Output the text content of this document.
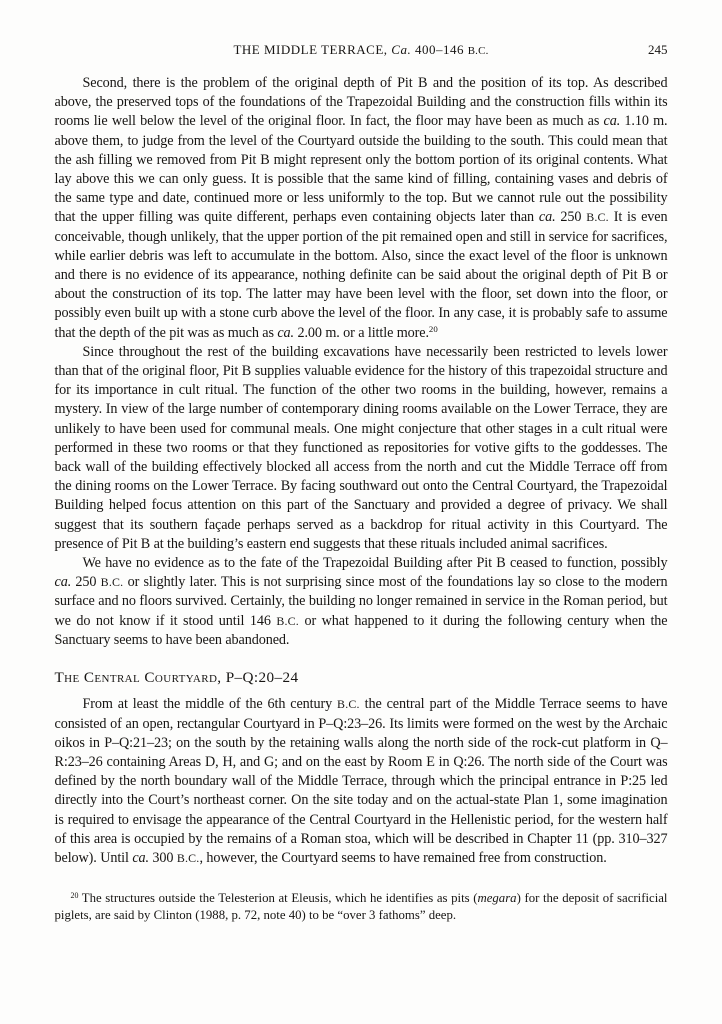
THE MIDDLE TERRACE, Ca. 400–146 B.C.	245

Second, there is the problem of the original depth of Pit B and the position of its top. As described above, the preserved tops of the foundations of the Trapezoidal Building and the construction fills within its rooms lie well below the level of the original floor. In fact, the floor may have been as much as ca. 1.10 m. above them, to judge from the level of the Courtyard outside the building to the south. This could mean that the ash filling we removed from Pit B might represent only the bottom portion of its original contents. What lay above this we can only guess. It is possible that the same kind of filling, containing vases and debris of the same type and date, continued more or less uniformly to the top. But we cannot rule out the possibility that the upper filling was quite different, perhaps even containing objects later than ca. 250 B.C. It is even conceivable, though unlikely, that the upper portion of the pit remained open and still in service for sacrifices, while earlier debris was left to accumulate in the bottom. Also, since the exact level of the floor is unknown and there is no evidence of its appearance, nothing definite can be said about the original depth of Pit B or about the construction of its top. The latter may have been level with the floor, set down into the floor, or possibly even built up with a stone curb above the level of the floor. In any case, it is probably safe to assume that the depth of the pit was as much as ca. 2.00 m. or a little more.$^{20}$

Since throughout the rest of the building excavations have necessarily been restricted to levels lower than that of the original floor, Pit B supplies valuable evidence for the history of this trapezoidal structure and for its importance in cult ritual. The function of the other two rooms in the building, however, remains a mystery. In view of the large number of contemporary dining rooms available on the Lower Terrace, they are unlikely to have been used for communal meals. One might conjecture that other stages in a cult ritual were performed in these two rooms or that they functioned as repositories for votive gifts to the goddesses. The back wall of the building effectively blocked all access from the north and cut the Middle Terrace off from the dining rooms on the Lower Terrace. By facing southward out onto the Central Courtyard, the Trapezoidal Building helped focus attention on this part of the Sanctuary and provided a degree of privacy. We shall suggest that its southern façade perhaps served as a backdrop for ritual activity in this Courtyard. The presence of Pit B at the building’s eastern end suggests that these rituals included animal sacrifices.

We have no evidence as to the fate of the Trapezoidal Building after Pit B ceased to function, possibly ca. 250 B.C. or slightly later. This is not surprising since most of the foundations lay so close to the modern surface and no floors survived. Certainly, the building no longer remained in service in the Roman period, but we do not know if it stood until 146 B.C. or what happened to it during the following century when the Sanctuary seems to have been abandoned.

The Central Courtyard, P–Q:20–24

From at least the middle of the 6th century B.C. the central part of the Middle Terrace seems to have consisted of an open, rectangular Courtyard in P–Q:23–26. Its limits were formed on the west by the Archaic oikos in P–Q:21–23; on the south by the retaining walls along the north side of the rock-cut platform in Q–R:23–26 containing Areas D, H, and G; and on the east by Room E in Q:26. The north side of the Court was defined by the north boundary wall of the Middle Terrace, through which the principal entrance in P:25 led directly into the Court’s northeast corner. On the site today and on the actual-state Plan 1, some imagination is required to envisage the appearance of the Central Courtyard in the Hellenistic period, for the western half of this area is occupied by the remains of a Roman stoa, which will be described in Chapter 11 (pp. 310–327 below). Until ca. 300 B.C., however, the Courtyard seems to have remained free from construction.

$^{20}$ The structures outside the Telesterion at Eleusis, which he identifies as pits (megara) for the deposit of sacrificial piglets, are said by Clinton (1988, p. 72, note 40) to be “over 3 fathoms” deep.
